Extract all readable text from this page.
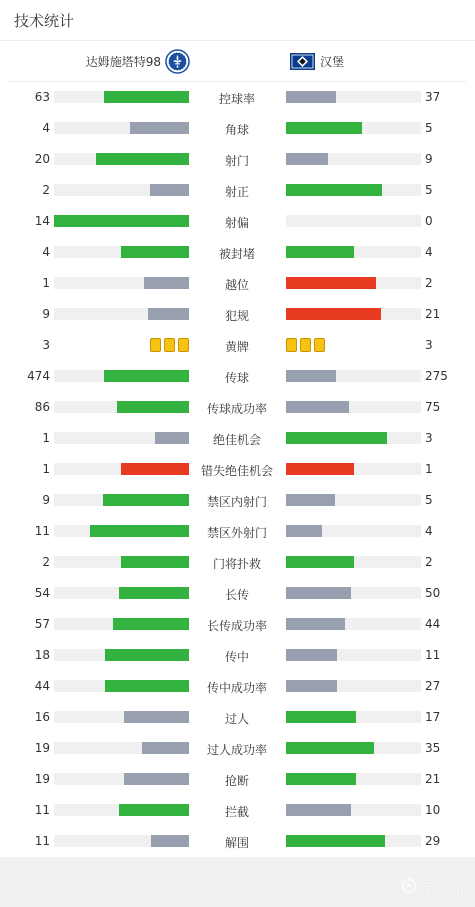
技术统计
达姆施塔特98	汉堡
63	控球率	37
4	角球	5
20	射门	9
2	射正	5
14	射偏	0
4	被封堵	4
1	越位	2
9	犯规	21
3	黄牌	3
474	传球	275
86	传球成功率	75
1	绝佳机会	3
1	错失绝佳机会	1
9	禁区内射门	5
11	禁区外射门	4
2	门将扑救	2
54	长传	50
57	长传成功率	44
18	传中	11
44	传中成功率	27
16	过人	17
19	过人成功率	35
19	抢断	21
11	拦截	10
11	解围	29
懂球帝
